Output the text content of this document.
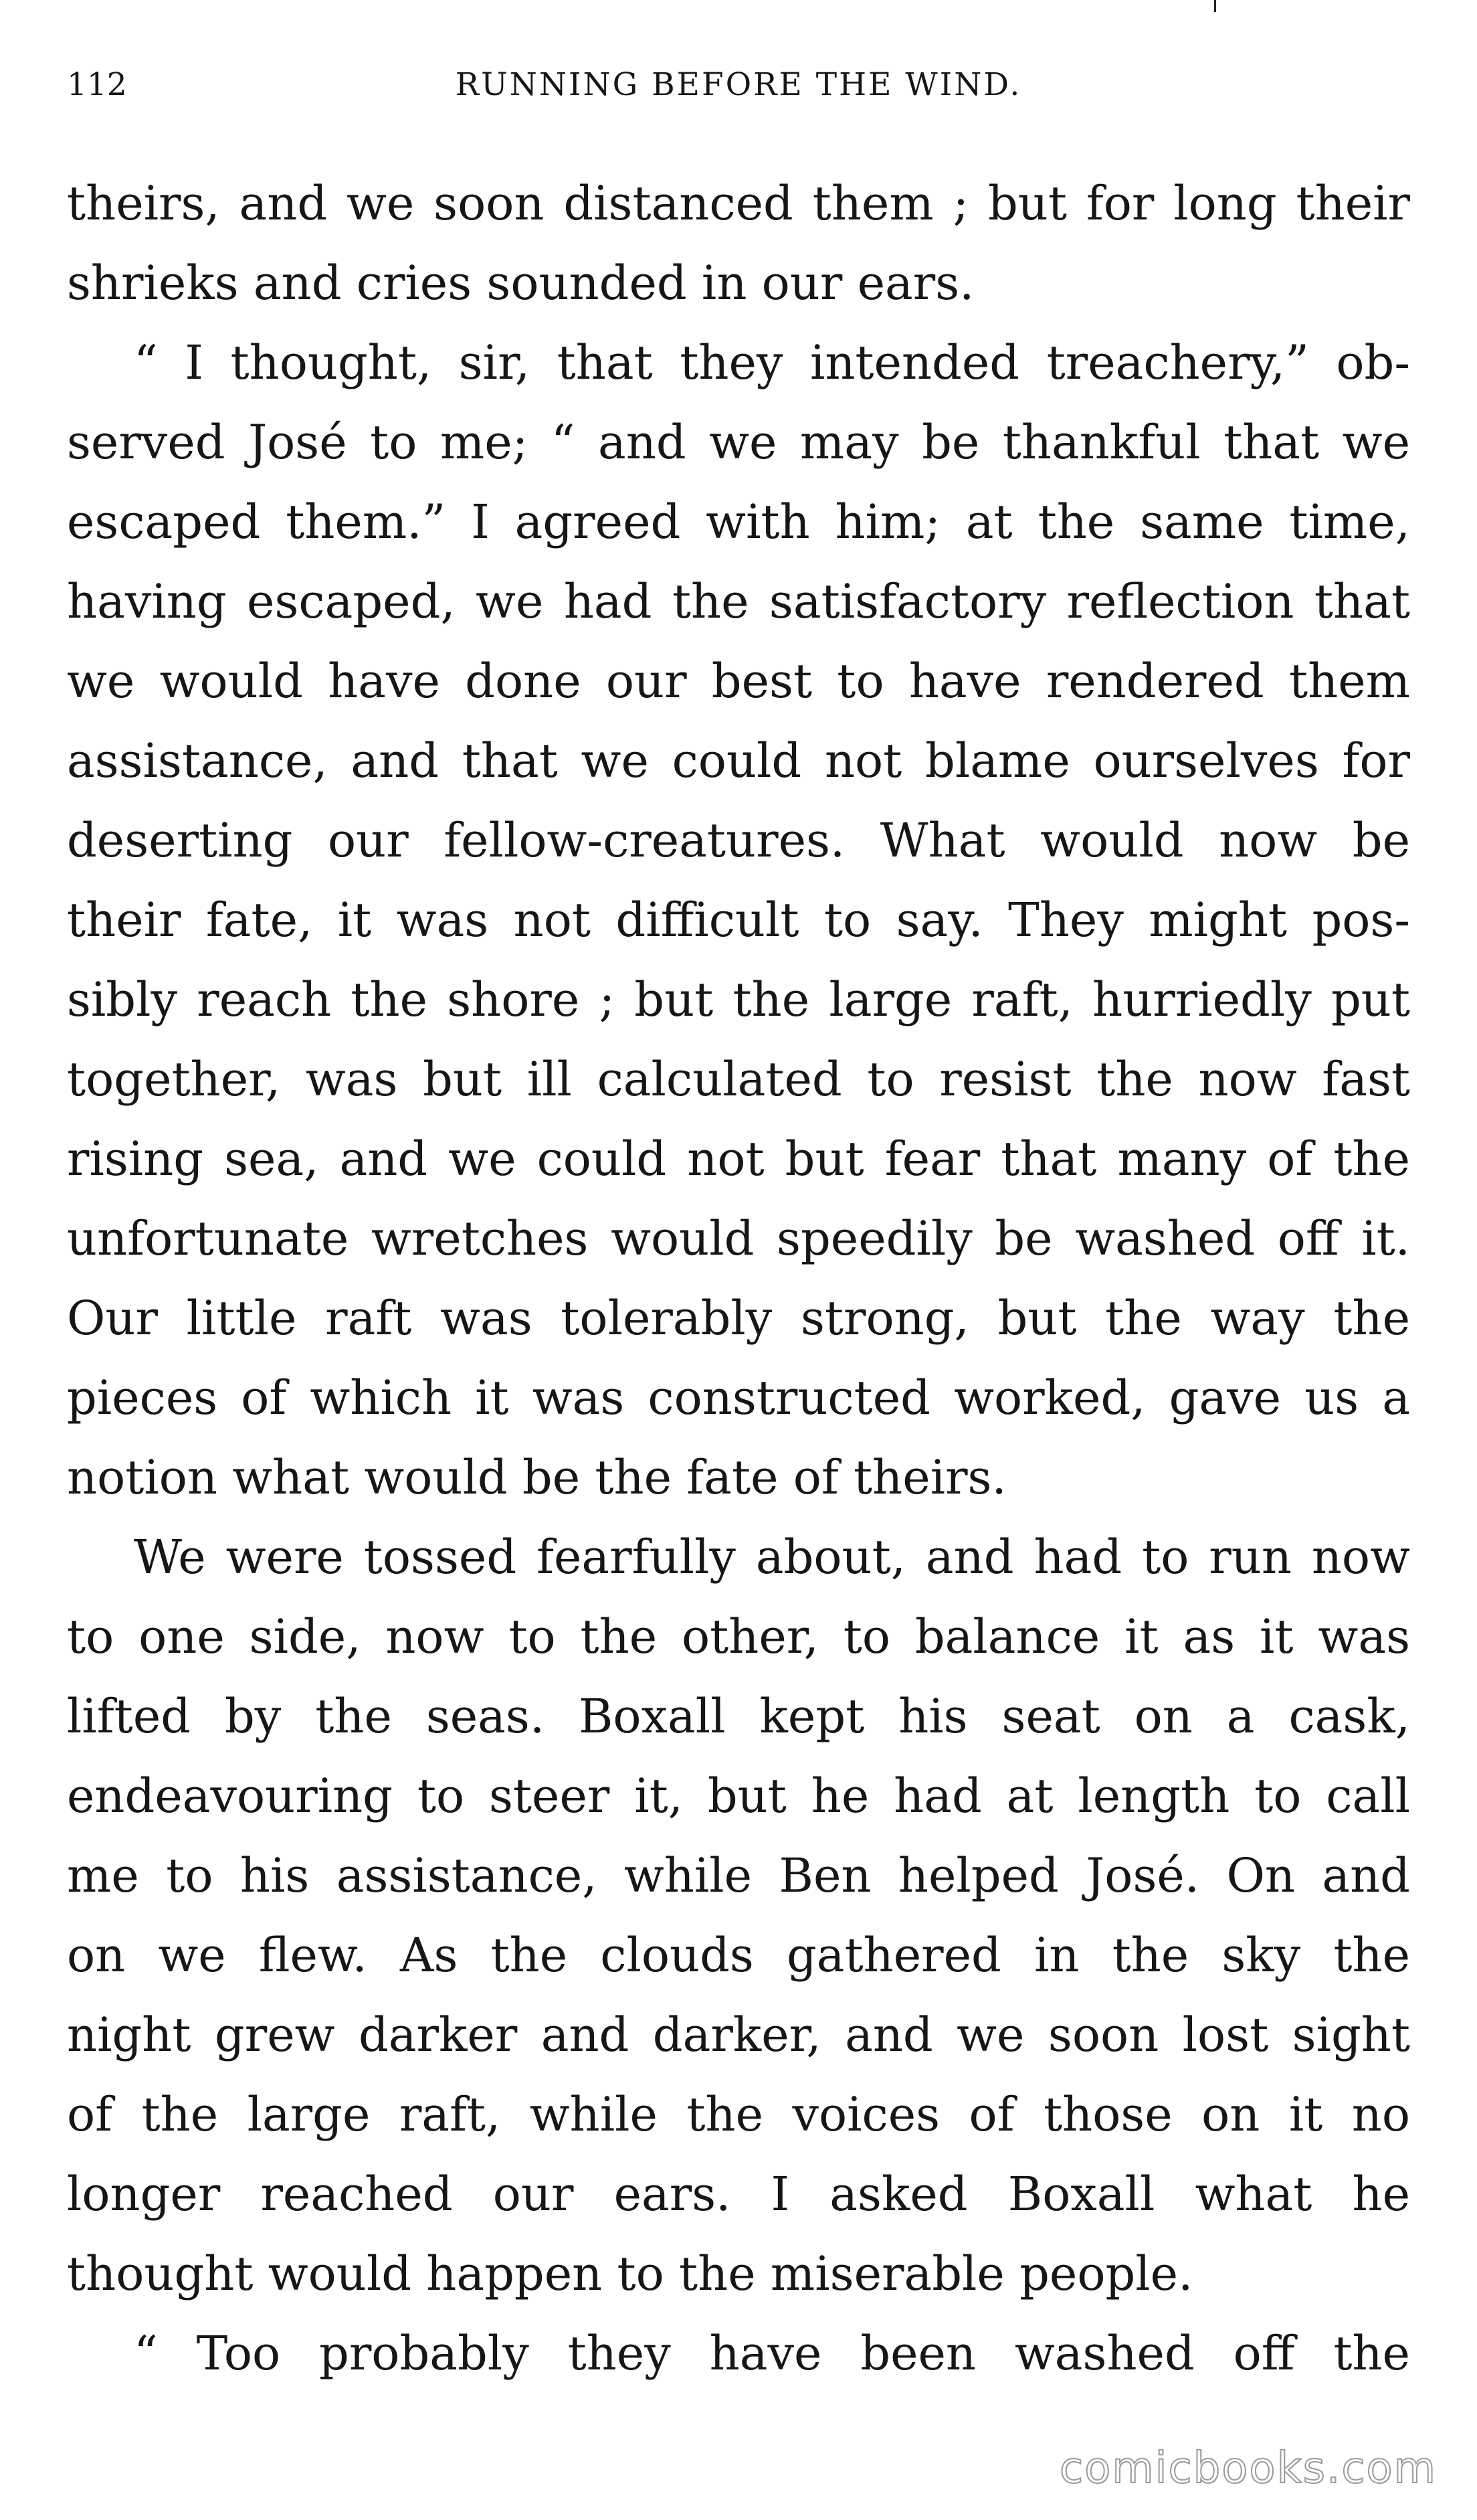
112	RUNNING BEFORE THE WIND.
theirs, and we soon distanced them ; but for long their
shrieks and cries sounded in our ears.
“ I thought, sir, that they intended treachery,” ob-
served José to me; “ and we may be thankful that we
escaped them.” I agreed with him; at the same time,
having escaped, we had the satisfactory reflection that
we would have done our best to have rendered them
assistance, and that we could not blame ourselves for
deserting our fellow-creatures. What would now be
their fate, it was not difficult to say. They might pos-
sibly reach the shore ; but the large raft, hurriedly put
together, was but ill calculated to resist the now fast
rising sea, and we could not but fear that many of the
unfortunate wretches would speedily be washed off it.
Our little raft was tolerably strong, but the way the
pieces of which it was constructed worked, gave us a
notion what would be the fate of theirs.
We were tossed fearfully about, and had to run now
to one side, now to the other, to balance it as it was
lifted by the seas. Boxall kept his seat on a cask,
endeavouring to steer it, but he had at length to call
me to his assistance, while Ben helped José. On and
on we flew. As the clouds gathered in the sky the
night grew darker and darker, and we soon lost sight
of the large raft, while the voices of those on it no
longer reached our ears. I asked Boxall what he
thought would happen to the miserable people.
“ Too probably they have been washed off the
comicbooks.com
